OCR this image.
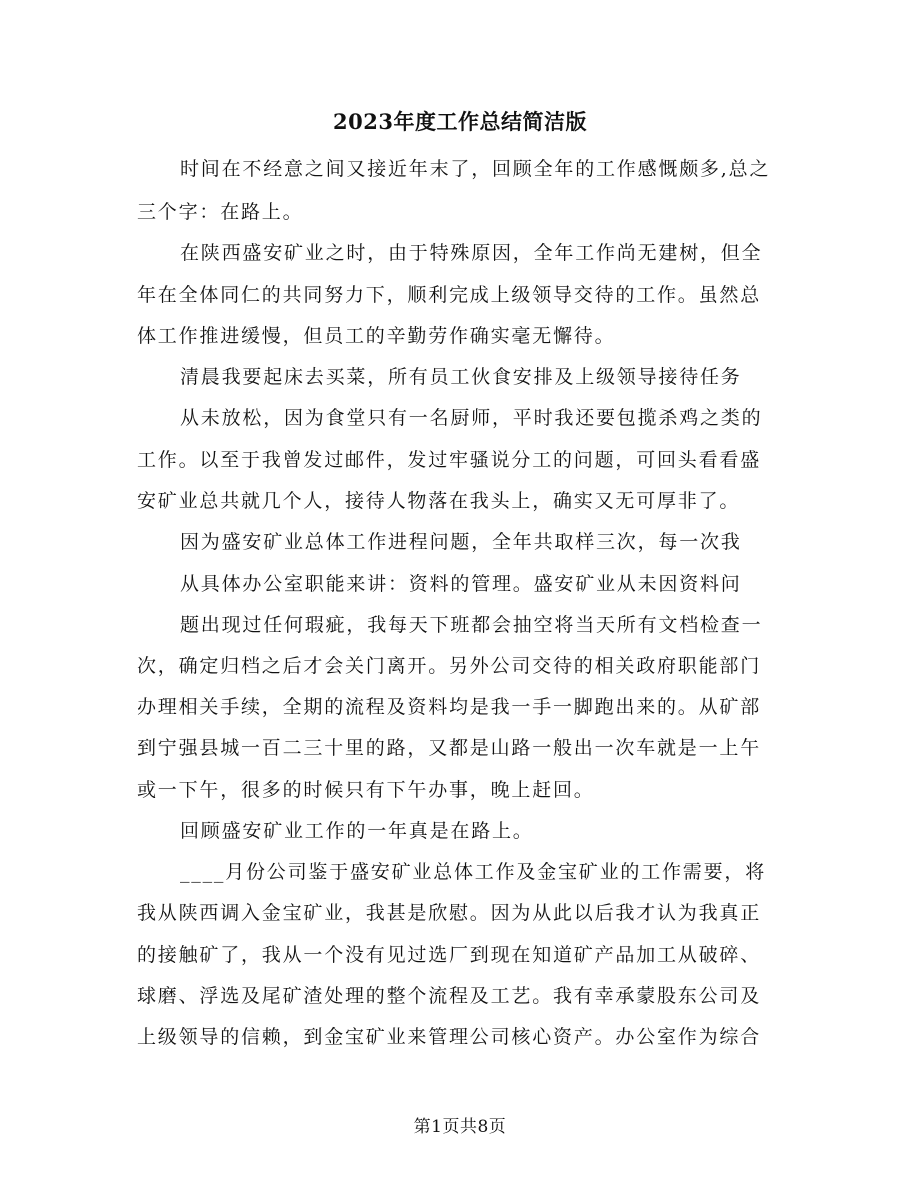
2023年度工作总结简洁版
时间在不经意之间又接近年末了，回顾全年的工作感慨颇多,总之
三个字：在路上。
在陕西盛安矿业之时，由于特殊原因，全年工作尚无建树，但全
年在全体同仁的共同努力下，顺利完成上级领导交待的工作。虽然总
体工作推进缓慢，但员工的辛勤劳作确实毫无懈待。
清晨我要起床去买菜，所有员工伙食安排及上级领导接待任务
从未放松，因为食堂只有一名厨师，平时我还要包揽杀鸡之类的
工作。以至于我曾发过邮件，发过牢骚说分工的问题，可回头看看盛
安矿业总共就几个人，接待人物落在我头上，确实又无可厚非了。
因为盛安矿业总体工作进程问题，全年共取样三次，每一次我
从具体办公室职能来讲：资料的管理。盛安矿业从未因资料问
题出现过任何瑕疵，我每天下班都会抽空将当天所有文档检查一
次，确定归档之后才会关门离开。另外公司交待的相关政府职能部门
办理相关手续，全期的流程及资料均是我一手一脚跑出来的。从矿部
到宁强县城一百二三十里的路，又都是山路一般出一次车就是一上午
或一下午，很多的时候只有下午办事，晚上赶回。
回顾盛安矿业工作的一年真是在路上。
____月份公司鉴于盛安矿业总体工作及金宝矿业的工作需要，将
我从陕西调入金宝矿业，我甚是欣慰。因为从此以后我才认为我真正
的接触矿了，我从一个没有见过选厂到现在知道矿产品加工从破碎、
球磨、浮选及尾矿渣处理的整个流程及工艺。我有幸承蒙股东公司及
上级领导的信赖，到金宝矿业来管理公司核心资产。办公室作为综合
第1页共8页
